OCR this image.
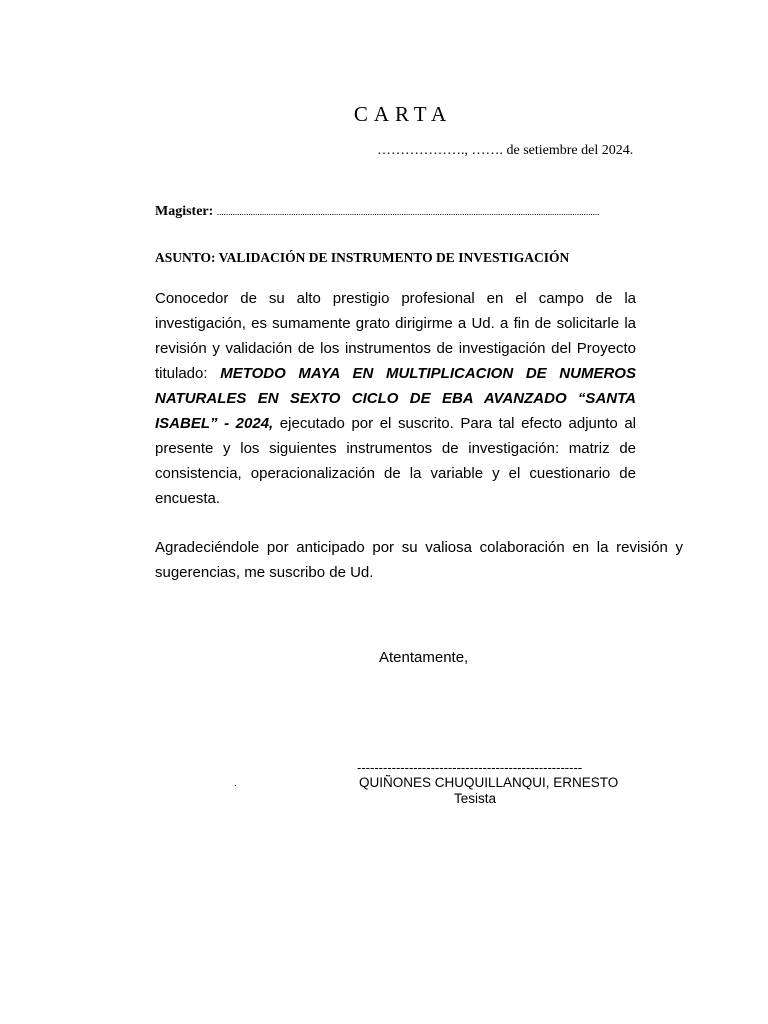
CARTA
………………., ……. de setiembre del 2024.
Magister: ..........................................................................................................................................................................
ASUNTO: VALIDACIÓN DE INSTRUMENTO DE INVESTIGACIÓN
Conocedor de su alto prestigio profesional en el campo de la investigación, es sumamente grato dirigirme a Ud. a fin de solicitarle la revisión y validación de los instrumentos de investigación del Proyecto titulado: METODO MAYA EN MULTIPLICACION DE NUMEROS NATURALES EN SEXTO CICLO DE EBA AVANZADO “SANTA ISABEL” - 2024, ejecutado por el suscrito. Para tal efecto adjunto al presente y los siguientes instrumentos de investigación: matriz de consistencia, operacionalización de la variable y el cuestionario de encuesta.
Agradeciéndole por anticipado por su valiosa colaboración en la revisión y sugerencias, me suscribo de Ud.
Atentamente,
----------------------------------------------------
.	QUIÑONES CHUQUILLANQUI, ERNESTO
Tesista
